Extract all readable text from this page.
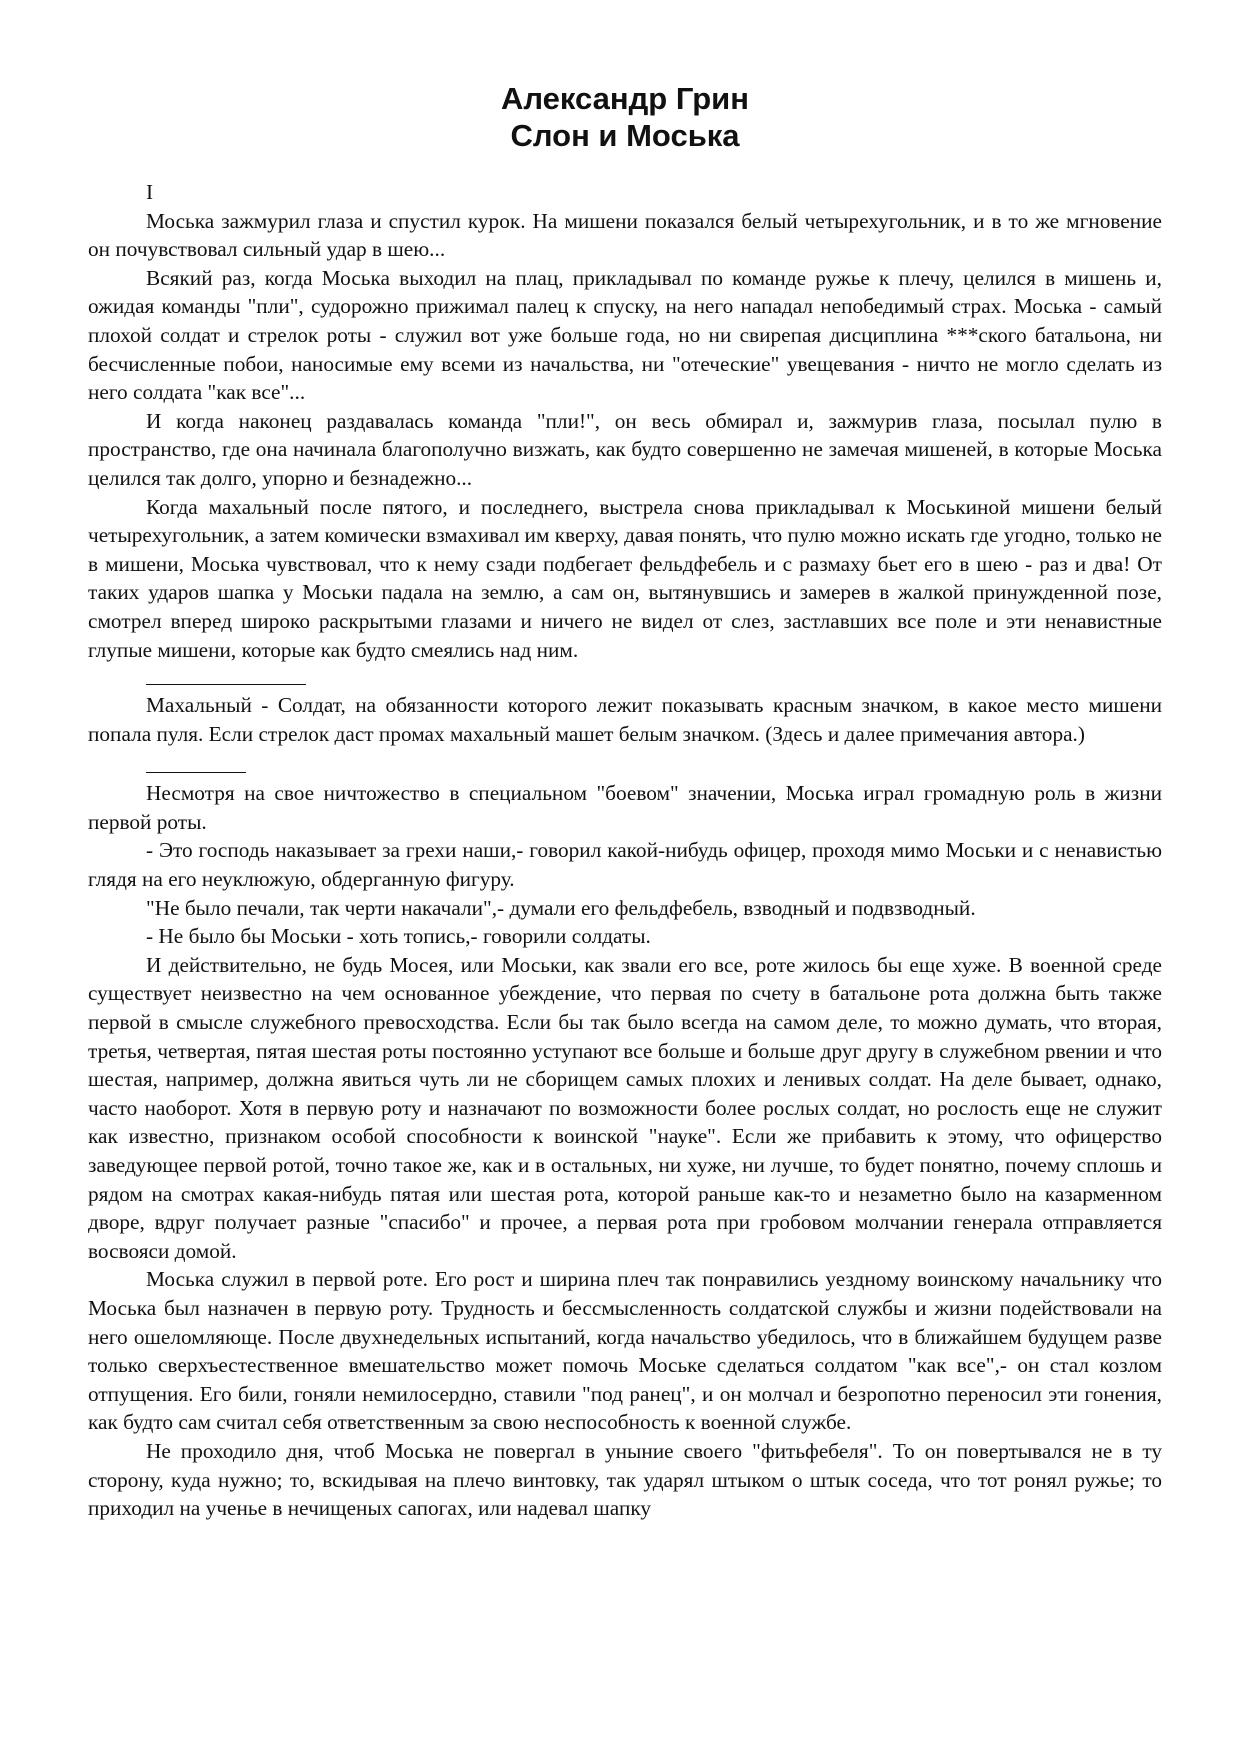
Александр Грин
Слон и Моська
I

Моська зажмурил глаза и спустил курок. На мишени показался белый четырехугольник, и в то же мгновение он почувствовал сильный удар в шею...

Всякий раз, когда Моська выходил на плац, прикладывал по команде ружье к плечу, целился в мишень и, ожидая команды "пли", судорожно прижимал палец к спуску, на него нападал непобедимый страх. Моська - самый плохой солдат и стрелок роты - служил вот уже больше года, но ни свирепая дисциплина ***ского батальона, ни бесчисленные побои, наносимые ему всеми из начальства, ни "отеческие" увещевания - ничто не могло сделать из него солдата "как все"...

И когда наконец раздавалась команда "пли!", он весь обмирал и, зажмурив глаза, посылал пулю в пространство, где она начинала благополучно визжать, как будто совершенно не замечая мишеней, в которые Моська целился так долго, упорно и безнадежно...

Когда махальный после пятого, и последнего, выстрела снова прикладывал к Моськиной мишени белый четырехугольник, а затем комически взмахивал им кверху, давая понять, что пулю можно искать где угодно, только не в мишени, Моська чувствовал, что к нему сзади подбегает фельдфебель и с размаху бьет его в шею - раз и два! От таких ударов шапка у Моськи падала на землю, а сам он, вытянувшись и замерев в жалкой принужденной позе, смотрел вперед широко раскрытыми глазами и ничего не видел от слез, застлавших все поле и эти ненавистные глупые мишени, которые как будто смеялись над ним.

Махальный - Солдат, на обязанности которого лежит показывать красным значком, в какое место мишени попала пуля. Если стрелок даст промах махальный машет белым значком. (Здесь и далее примечания автора.)

Несмотря на свое ничтожество в специальном "боевом" значении, Моська играл громадную роль в жизни первой роты.

- Это господь наказывает за грехи наши,- говорил какой-нибудь офицер, проходя мимо Моськи и с ненавистью глядя на его неуклюжую, обдерганную фигуру.

"Не было печали, так черти накачали",- думали его фельдфебель, взводный и подвзводный.

- Не было бы Моськи - хоть топись,- говорили солдаты.

И действительно, не будь Мосея, или Моськи, как звали его все, роте жилось бы еще хуже. В военной среде существует неизвестно на чем основанное убеждение, что первая по счету в батальоне рота должна быть также первой в смысле служебного превосходства. Если бы так было всегда на самом деле, то можно думать, что вторая, третья, четвертая, пятая шестая роты постоянно уступают все больше и больше друг другу в служебном рвении и что шестая, например, должна явиться чуть ли не сборищем самых плохих и ленивых солдат. На деле бывает, однако, часто наоборот. Хотя в первую роту и назначают по возможности более рослых солдат, но рослость еще не служит как известно, признаком особой способности к воинской "науке". Если же прибавить к этому, что офицерство заведующее первой ротой, точно такое же, как и в остальных, ни хуже, ни лучше, то будет понятно, почему сплошь и рядом на смотрах какая-нибудь пятая или шестая рота, которой раньше как-то и незаметно было на казарменном дворе, вдруг получает разные "спасибо" и прочее, а первая рота при гробовом молчании генерала отправляется восвояси домой.

Моська служил в первой роте. Его рост и ширина плеч так понравились уездному воинскому начальнику что Моська был назначен в первую роту. Трудность и бессмысленность солдатской службы и жизни подействовали на него ошеломляюще. После двухнедельных испытаний, когда начальство убедилось, что в ближайшем будущем разве только сверхъестественное вмешательство может помочь Моське сделаться солдатом "как все",- он стал козлом отпущения. Его били, гоняли немилосердно, ставили "под ранец", и он молчал и безропотно переносил эти гонения, как будто сам считал себя ответственным за свою неспособность к военной службе.

Не проходило дня, чтоб Моська не повергал в уныние своего "фитьфебеля". То он повертывался не в ту сторону, куда нужно; то, вскидывая на плечо винтовку, так ударял штыком о штык соседа, что тот ронял ружье; то приходил на ученье в нечищеных сапогах, или надевал шапку
